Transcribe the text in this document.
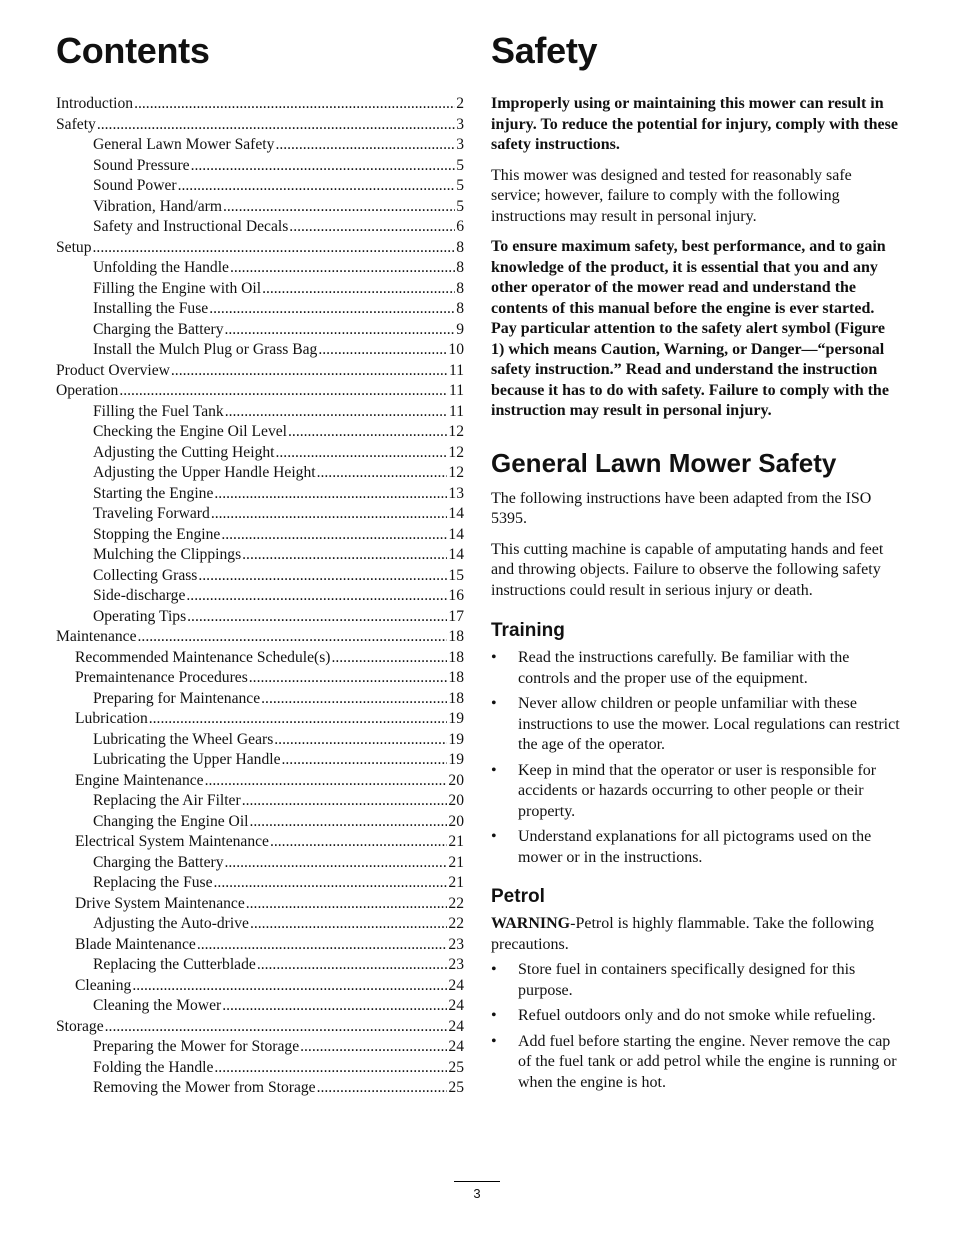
Contents
Introduction .....	2
Safety .....	3
General Lawn Mower Safety .....	3
Sound Pressure .....	5
Sound Power .....	5
Vibration, Hand/arm .....	5
Safety and Instructional Decals .....	6
Setup .....	8
Unfolding the Handle .....	8
Filling the Engine with Oil .....	8
Installing the Fuse .....	8
Charging the Battery .....	9
Install the Mulch Plug or Grass Bag .....	10
Product Overview .....	11
Operation .....	11
Filling the Fuel Tank .....	11
Checking the Engine Oil Level .....	12
Adjusting the Cutting Height .....	12
Adjusting the Upper Handle Height .....	12
Starting the Engine .....	13
Traveling Forward .....	14
Stopping the Engine .....	14
Mulching the Clippings .....	14
Collecting Grass .....	15
Side-discharge .....	16
Operating Tips .....	17
Maintenance .....	18
Recommended Maintenance Schedule(s) .....	18
Premaintenance Procedures .....	18
Preparing for Maintenance .....	18
Lubrication .....	19
Lubricating the Wheel Gears .....	19
Lubricating the Upper Handle .....	19
Engine Maintenance .....	20
Replacing the Air Filter .....	20
Changing the Engine Oil .....	20
Electrical System Maintenance .....	21
Charging the Battery .....	21
Replacing the Fuse .....	21
Drive System Maintenance .....	22
Adjusting the Auto-drive .....	22
Blade Maintenance .....	23
Replacing the Cutterblade .....	23
Cleaning .....	24
Cleaning the Mower .....	24
Storage .....	24
Preparing the Mower for Storage .....	24
Folding the Handle .....	25
Removing the Mower from Storage .....	25
Safety

Improperly using or maintaining this mower can result in injury. To reduce the potential for injury, comply with these safety instructions.

This mower was designed and tested for reasonably safe service; however, failure to comply with the following instructions may result in personal injury.

To ensure maximum safety, best performance, and to gain knowledge of the product, it is essential that you and any other operator of the mower read and understand the contents of this manual before the engine is ever started. Pay particular attention to the safety alert symbol (Figure 1) which means Caution, Warning, or Danger—“personal safety instruction.” Read and understand the instruction because it has to do with safety. Failure to comply with the instruction may result in personal injury.

General Lawn Mower Safety

The following instructions have been adapted from the ISO 5395.

This cutting machine is capable of amputating hands and feet and throwing objects. Failure to observe the following safety instructions could result in serious injury or death.

Training
• Read the instructions carefully. Be familiar with the controls and the proper use of the equipment.
• Never allow children or people unfamiliar with these instructions to use the mower. Local regulations can restrict the age of the operator.
• Keep in mind that the operator or user is responsible for accidents or hazards occurring to other people or their property.
• Understand explanations for all pictograms used on the mower or in the instructions.
Petrol

WARNING-Petrol is highly flammable. Take the following precautions.

• Store fuel in containers specifically designed for this purpose.
• Refuel outdoors only and do not smoke while refueling.
• Add fuel before starting the engine. Never remove the cap of the fuel tank or add petrol while the engine is running or when the engine is hot.
3
